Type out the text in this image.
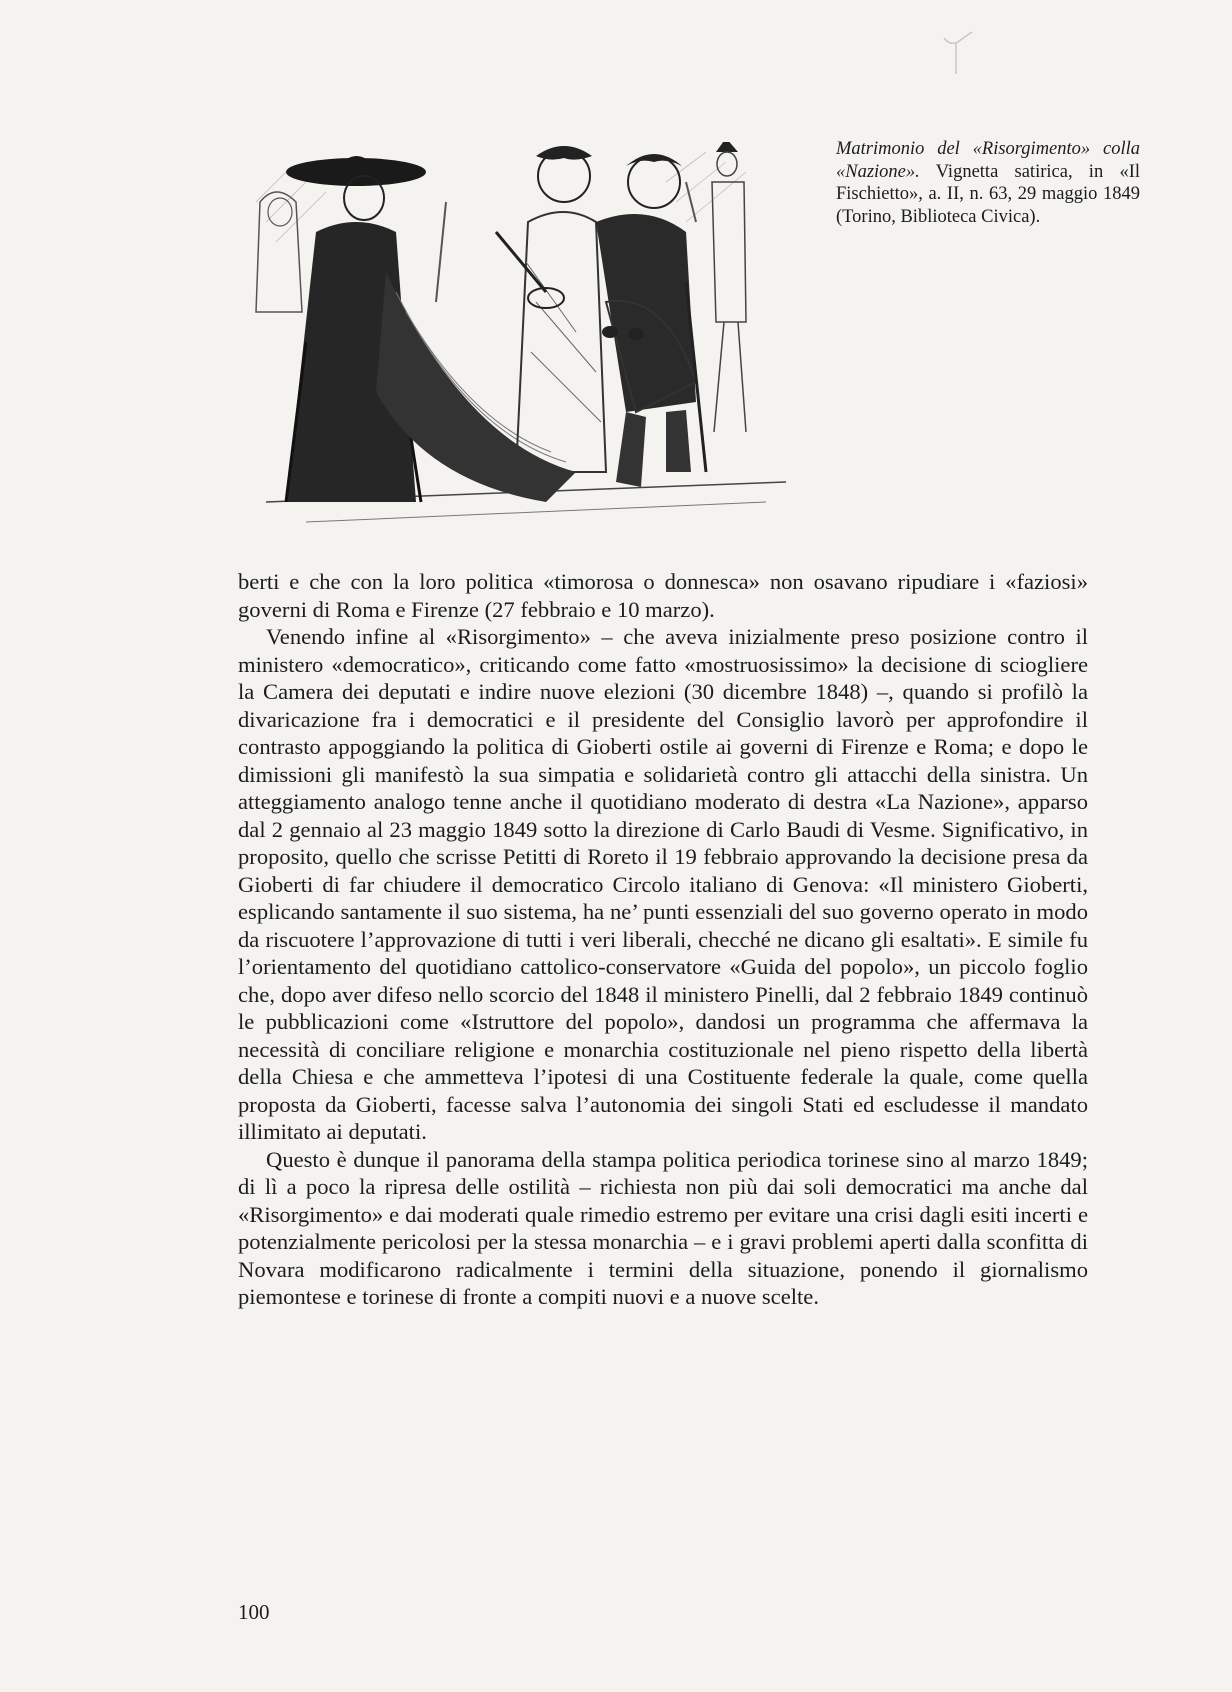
Matrimonio del «Risorgimento» colla «Nazione». Vignetta satirica, in «Il Fischietto», a. II, n. 63, 29 maggio 1849 (Torino, Biblioteca Civica).

berti e che con la loro politica «timorosa o donnesca» non osavano ripudiare i «faziosi» governi di Roma e Firenze (27 febbraio e 10 marzo).

Venendo infine al «Risorgimento» – che aveva inizialmente preso posizione contro il ministero «democratico», criticando come fatto «mostruosissimo» la decisione di sciogliere la Camera dei deputati e indire nuove elezioni (30 dicembre 1848) –, quando si profilò la divaricazione fra i democratici e il presidente del Consiglio lavorò per approfondire il contrasto appoggiando la politica di Gioberti ostile ai governi di Firenze e Roma; e dopo le dimissioni gli manifestò la sua simpatia e solidarietà contro gli attacchi della sinistra. Un atteggiamento analogo tenne anche il quotidiano moderato di destra «La Nazione», apparso dal 2 gennaio al 23 maggio 1849 sotto la direzione di Carlo Baudi di Vesme. Significativo, in proposito, quello che scrisse Petitti di Roreto il 19 febbraio approvando la decisione presa da Gioberti di far chiudere il democratico Circolo italiano di Genova: «Il ministero Gioberti, esplicando santamente il suo sistema, ha ne’ punti essenziali del suo governo operato in modo da riscuotere l’approvazione di tutti i veri liberali, checché ne dicano gli esaltati». E simile fu l’orientamento del quotidiano cattolico-conservatore «Guida del popolo», un piccolo foglio che, dopo aver difeso nello scorcio del 1848 il ministero Pinelli, dal 2 febbraio 1849 continuò le pubblicazioni come «Istruttore del popolo», dandosi un programma che affermava la necessità di conciliare religione e monarchia costituzionale nel pieno rispetto della libertà della Chiesa e che ammetteva l’ipotesi di una Costituente federale la quale, come quella proposta da Gioberti, facesse salva l’autonomia dei singoli Stati ed escludesse il mandato illimitato ai deputati.

Questo è dunque il panorama della stampa politica periodica torinese sino al marzo 1849; di lì a poco la ripresa delle ostilità – richiesta non più dai soli democratici ma anche dal «Risorgimento» e dai moderati quale rimedio estremo per evitare una crisi dagli esiti incerti e potenzialmente pericolosi per la stessa monarchia – e i gravi problemi aperti dalla sconfitta di Novara modificarono radicalmente i termini della situazione, ponendo il giornalismo piemontese e torinese di fronte a compiti nuovi e a nuove scelte.

100
